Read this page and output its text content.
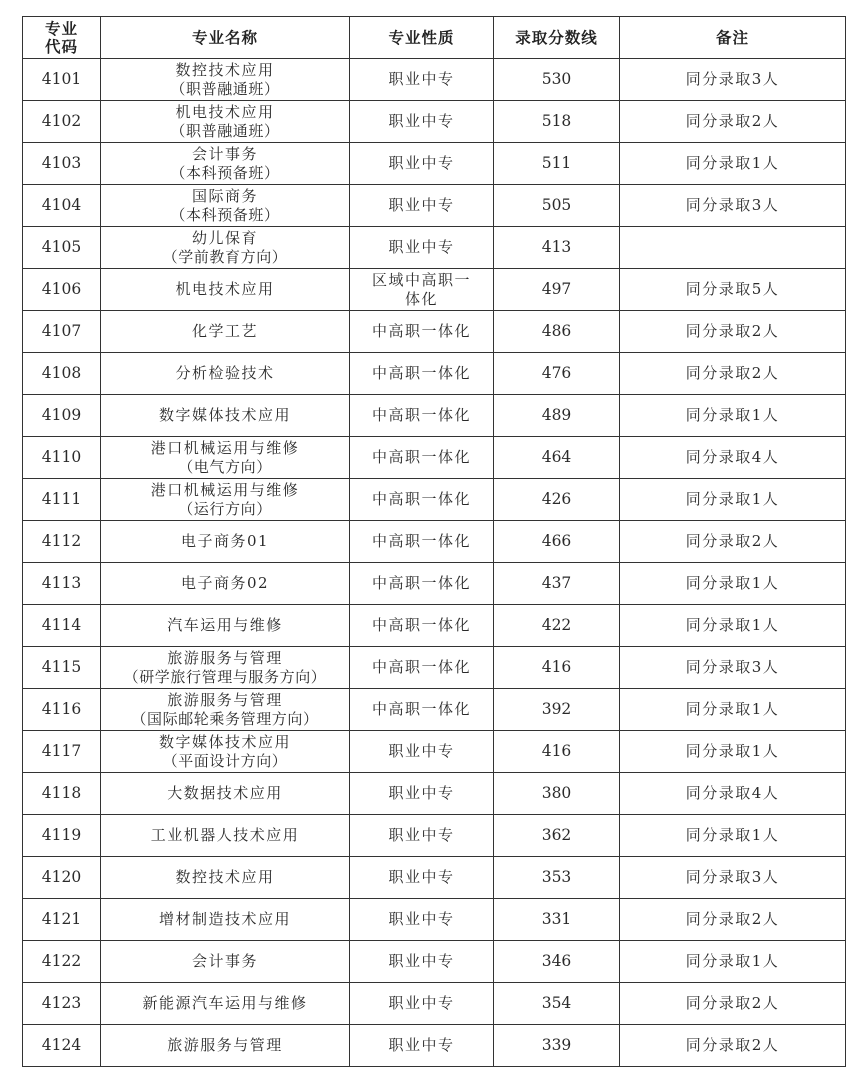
专业
代码	专业名称	专业性质	录取分数线	备注
4101	数控技术应用
（职普融通班）	职业中专	530	同分录取3人
4102	机电技术应用
（职普融通班）	职业中专	518	同分录取2人
4103	会计事务
（本科预备班）	职业中专	511	同分录取1人
4104	国际商务
（本科预备班）	职业中专	505	同分录取3人
4105	幼儿保育
（学前教育方向）	职业中专	413	
4106	机电技术应用	区域中高职一
体化	497	同分录取5人
4107	化学工艺	中高职一体化	486	同分录取2人
4108	分析检验技术	中高职一体化	476	同分录取2人
4109	数字媒体技术应用	中高职一体化	489	同分录取1人
4110	港口机械运用与维修
（电气方向）	中高职一体化	464	同分录取4人
4111	港口机械运用与维修
（运行方向）	中高职一体化	426	同分录取1人
4112	电子商务01	中高职一体化	466	同分录取2人
4113	电子商务02	中高职一体化	437	同分录取1人
4114	汽车运用与维修	中高职一体化	422	同分录取1人
4115	旅游服务与管理
（研学旅行管理与服务方向）	中高职一体化	416	同分录取3人
4116	旅游服务与管理
（国际邮轮乘务管理方向）	中高职一体化	392	同分录取1人
4117	数字媒体技术应用
（平面设计方向）	职业中专	416	同分录取1人
4118	大数据技术应用	职业中专	380	同分录取4人
4119	工业机器人技术应用	职业中专	362	同分录取1人
4120	数控技术应用	职业中专	353	同分录取3人
4121	增材制造技术应用	职业中专	331	同分录取2人
4122	会计事务	职业中专	346	同分录取1人
4123	新能源汽车运用与维修	职业中专	354	同分录取2人
4124	旅游服务与管理	职业中专	339	同分录取2人
